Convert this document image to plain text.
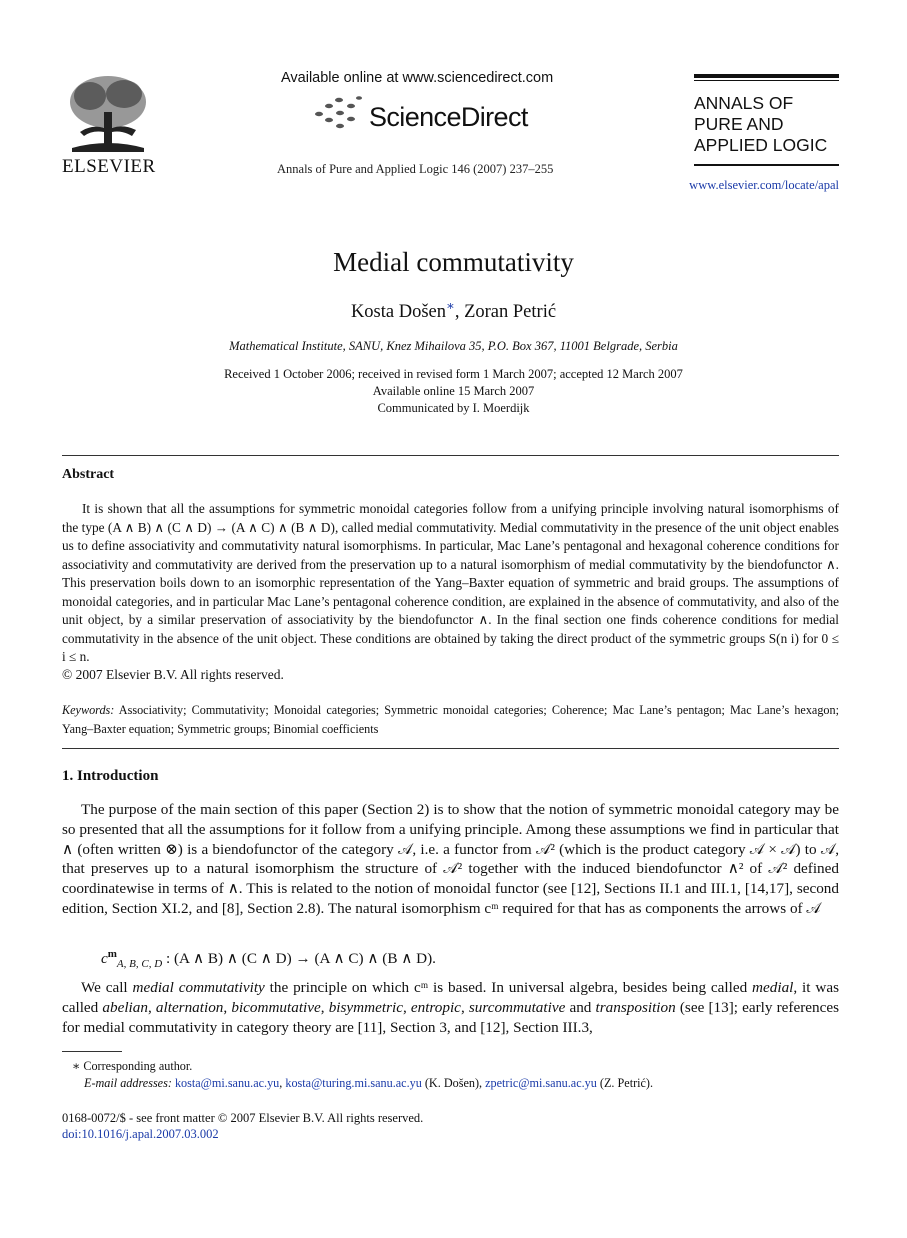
ELSEVIER
Available online at www.sciencedirect.com
ScienceDirect
Annals of Pure and Applied Logic 146 (2007) 237–255
ANNALS OF
PURE AND
APPLIED LOGIC
www.elsevier.com/locate/apal
Medial commutativity
Kosta Došen∗, Zoran Petrić
Mathematical Institute, SANU, Knez Mihailova 35, P.O. Box 367, 11001 Belgrade, Serbia
Received 1 October 2006; received in revised form 1 March 2007; accepted 12 March 2007
Available online 15 March 2007
Communicated by I. Moerdijk
Abstract
It is shown that all the assumptions for symmetric monoidal categories follow from a unifying principle involving natural isomorphisms of the type (A ∧ B) ∧ (C ∧ D) → (A ∧ C) ∧ (B ∧ D), called medial commutativity. Medial commutativity in the presence of the unit object enables us to define associativity and commutativity natural isomorphisms. In particular, Mac Lane’s pentagonal and hexagonal coherence conditions for associativity and commutativity are derived from the preservation up to a natural isomorphism of medial commutativity by the biendofunctor ∧. This preservation boils down to an isomorphic representation of the Yang–Baxter equation of symmetric and braid groups. The assumptions of monoidal categories, and in particular Mac Lane’s pentagonal coherence condition, are explained in the absence of commutativity, and also of the unit object, by a similar preservation of associativity by the biendofunctor ∧. In the final section one finds coherence conditions for medial commutativity in the absence of the unit object. These conditions are obtained by taking the direct product of the symmetric groups S(n i) for 0 ≤ i ≤ n.
© 2007 Elsevier B.V. All rights reserved.
Keywords: Associativity; Commutativity; Monoidal categories; Symmetric monoidal categories; Coherence; Mac Lane’s pentagon; Mac Lane’s hexagon; Yang–Baxter equation; Symmetric groups; Binomial coefficients
1. Introduction
The purpose of the main section of this paper (Section 2) is to show that the notion of symmetric monoidal category may be so presented that all the assumptions for it follow from a unifying principle. Among these assumptions we find in particular that ∧ (often written ⊗) is a biendofunctor of the category 𝒜, i.e. a functor from 𝒜² (which is the product category 𝒜 × 𝒜) to 𝒜, that preserves up to a natural isomorphism the structure of 𝒜² together with the induced biendofunctor ∧² of 𝒜² defined coordinatewise in terms of ∧. This is related to the notion of monoidal functor (see [12], Sections II.1 and III.1, [14,17], second edition, Section XI.2, and [8], Section 2.8). The natural isomorphism cᵐ required for that has as components the arrows of 𝒜
$c^m_{A, B, C, D}$ : (A ∧ B) ∧ (C ∧ D) → (A ∧ C) ∧ (B ∧ D).
We call medial commutativity the principle on which cᵐ is based. In universal algebra, besides being called medial, it was called abelian, alternation, bicommutative, bisymmetric, entropic, surcommutative and transposition (see [13]; early references for medial commutativity in category theory are [11], Section 3, and [12], Section III.3,
∗ Corresponding author.
E-mail addresses: kosta@mi.sanu.ac.yu, kosta@turing.mi.sanu.ac.yu (K. Došen), zpetric@mi.sanu.ac.yu (Z. Petrić).
0168-0072/$ - see front matter © 2007 Elsevier B.V. All rights reserved.
doi:10.1016/j.apal.2007.03.002
